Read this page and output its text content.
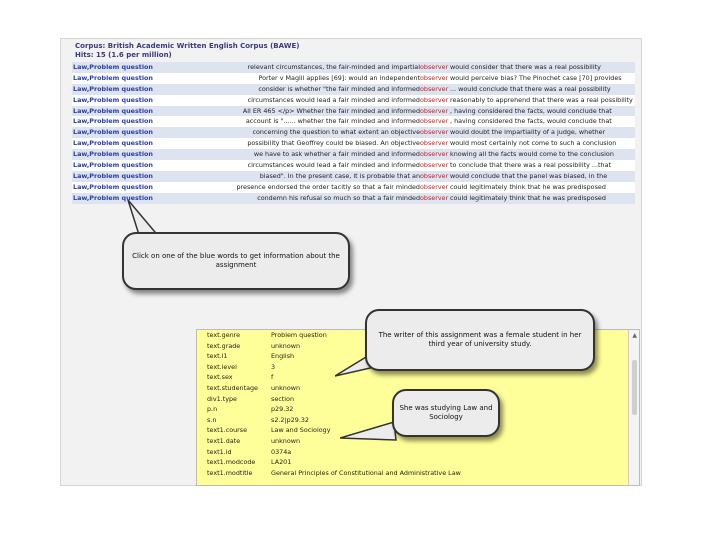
Corpus: British Academic Written English Corpus (BAWE)
Hits: 15 (1.6 per million)
Law,Problem question	relevant circumstances, the fair-minded and impartial observer would consider that there was a real possibility
Law,Problem question	Porter v Magill applies [69]: would an independent observer would perceive bias? The Pinochet case [70] provides
Law,Problem question	consider is whether "the fair minded and informed observer ... would conclude that there was a real possibility
Law,Problem question	circumstances would lead a fair minded and informed observer reasonably to apprehend that there was a real possibility
Law,Problem question	All ER 465 </p> Whether the fair minded and informed observer , having considered the facts, would conclude that
Law,Problem question	account is "...... whether the fair minded and informed observer , having considered the facts, would conclude that
Law,Problem question	concerning the question to what extent an objective observer would doubt the impartiality of a judge, whether
Law,Problem question	possibility that Geoffrey could be biased. An objective observer would most certainly not come to such a conclusion
Law,Problem question	we have to ask whether a fair minded and informed observer knowing all the facts would come to the conclusion
Law,Problem question	circumstances would lead a fair minded and informed observer to conclude that there was a real possibility ...that
Law,Problem question	biased". In the present case, it is probable that an observer would conclude that the panel was biased, in the
Law,Problem question	presence endorsed the order tacitly so that a fair minded observer could legitimately think that he was predisposed
Law,Problem question	condemn his refusal so much so that a fair minded observer could legitimately think that he was predisposed
Click on one of the blue words to get information about the assignment
text.genre	Problem question
text.grade	unknown
text.l1	English
text.level	3
text.sex	f
text.studentage unknown
div1.type	section
p.n	p29.32
s.n	s2.2|p29.32
text1.course	Law and Sociology
text1.date	unknown
text1.id	0374a
text1.modcode LA201
text1.modtitle	General Principles of Constitutional and Administrative Law
▲
The writer of this assignment was a female student in her third year of university study.
She was studying Law and Sociology
